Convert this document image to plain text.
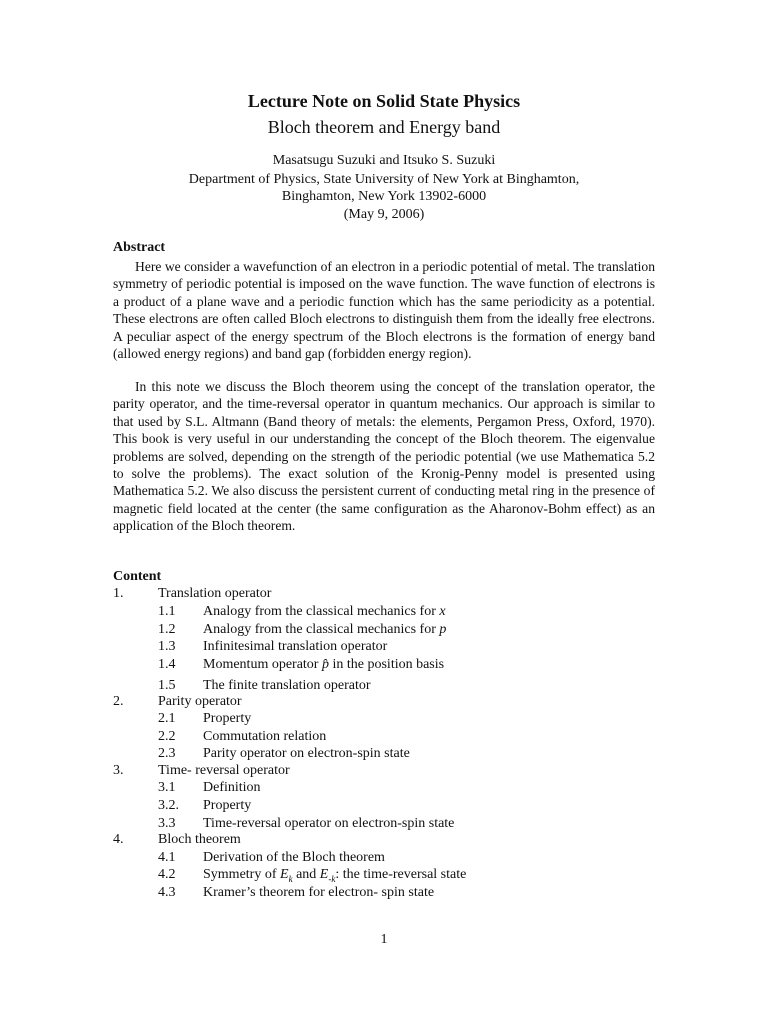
Lecture Note on Solid State Physics
Bloch theorem and Energy band
Masatsugu Suzuki and Itsuko S. Suzuki
Department of Physics, State University of New York at Binghamton,
Binghamton, New York 13902-6000
(May 9, 2006)
Abstract

Here we consider a wavefunction of an electron in a periodic potential of metal. The translation symmetry of periodic potential is imposed on the wave function. The wave function of electrons is a product of a plane wave and a periodic function which has the same periodicity as a potential. These electrons are often called Bloch electrons to distinguish them from the ideally free electrons. A peculiar aspect of the energy spectrum of the Bloch electrons is the formation of energy band (allowed energy regions) and band gap (forbidden energy region).

In this note we discuss the Bloch theorem using the concept of the translation operator, the parity operator, and the time-reversal operator in quantum mechanics. Our approach is similar to that used by S.L. Altmann (Band theory of metals: the elements, Pergamon Press, Oxford, 1970). This book is very useful in our understanding the concept of the Bloch theorem. The eigenvalue problems are solved, depending on the strength of the periodic potential (we use Mathematica 5.2 to solve the problems). The exact solution of the Kronig-Penny model is presented using Mathematica 5.2. We also discuss the persistent current of conducting metal ring in the presence of magnetic field located at the center (the same configuration as the Aharonov-Bohm effect) as an application of the Bloch theorem.

Content
1. Translation operator
1.1 Analogy from the classical mechanics for x
1.2 Analogy from the classical mechanics for p
1.3 Infinitesimal translation operator
1.4 Momentum operator p̂ in the position basis
1.5 The finite translation operator
2. Parity operator
2.1 Property
2.2 Commutation relation
2.3 Parity operator on electron-spin state
3. Time- reversal operator
3.1 Definition
3.2. Property
3.3 Time-reversal operator on electron-spin state
4. Bloch theorem
4.1 Derivation of the Bloch theorem
4.2 Symmetry of $E_k$ and $E_{-k}$: the time-reversal state
4.3 Kramer’s theorem for electron- spin state
1
